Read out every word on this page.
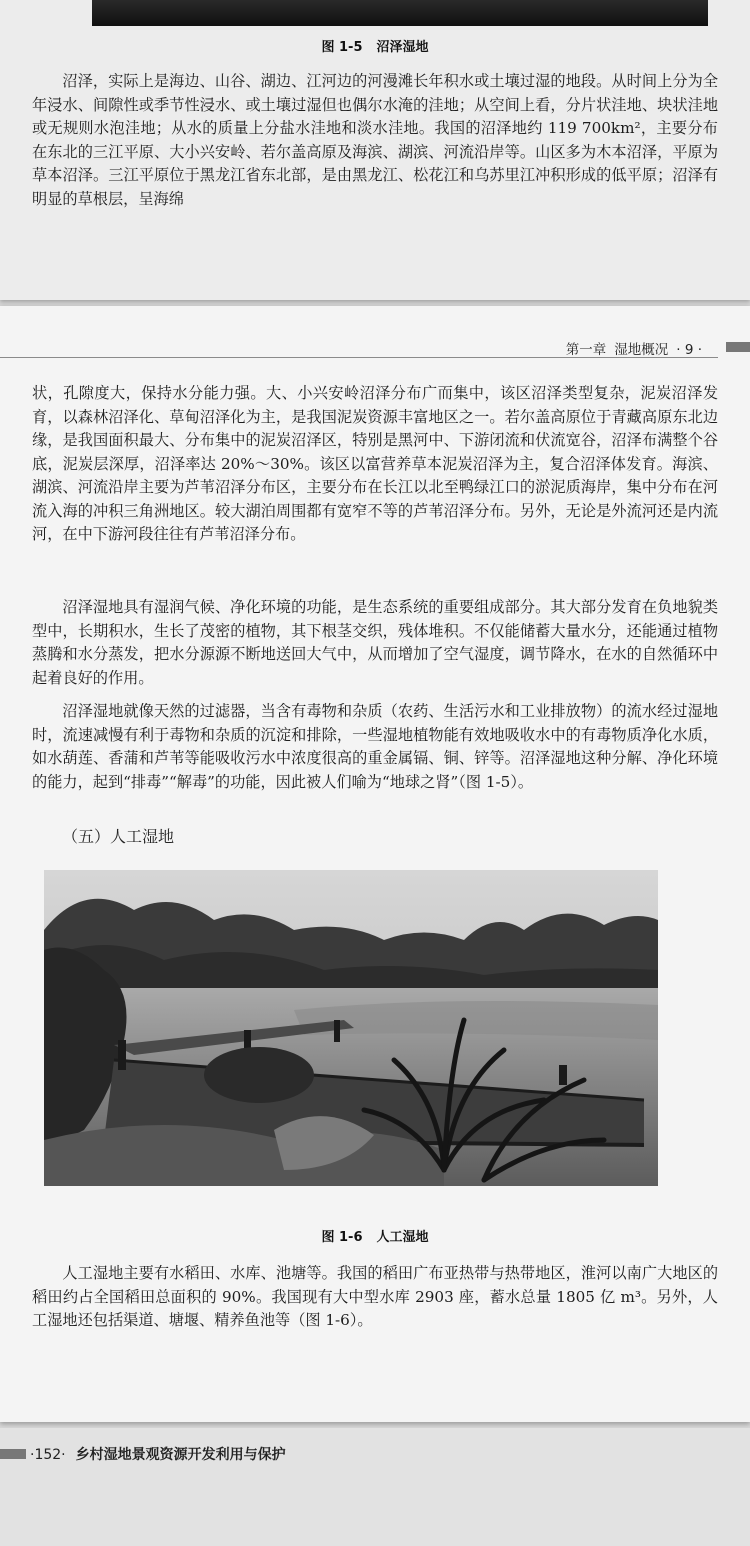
图 1-5 沼泽湿地

沼泽，实际上是海边、山谷、湖边、江河边的河漫滩长年积水或土壤过湿的地段。从时间上分为全年浸水、间隙性或季节性浸水、或土壤过湿但也偶尔水淹的洼地；从空间上看，分片状洼地、块状洼地或无规则水泡洼地；从水的质量上分盐水洼地和淡水洼地。我国的沼泽地约 119 700km²，主要分布在东北的三江平原、大小兴安岭、若尔盖高原及海滨、湖滨、河流沿岸等。山区多为木本沼泽，平原为草本沼泽。三江平原位于黑龙江省东北部，是由黑龙江、松花江和乌苏里江冲积形成的低平原；沼泽有明显的草根层，呈海绵

第一章 湿地概况 · 9 ·

状，孔隙度大，保持水分能力强。大、小兴安岭沼泽分布广而集中，该区沼泽类型复杂，泥炭沼泽发育，以森林沼泽化、草甸沼泽化为主，是我国泥炭资源丰富地区之一。若尔盖高原位于青藏高原东北边缘，是我国面积最大、分布集中的泥炭沼泽区，特别是黑河中、下游闭流和伏流宽谷，沼泽布满整个谷底，泥炭层深厚，沼泽率达 20%～30%。该区以富营养草本泥炭沼泽为主，复合沼泽体发育。海滨、湖滨、河流沿岸主要为芦苇沼泽分布区，主要分布在长江以北至鸭绿江口的淤泥质海岸，集中分布在河流入海的冲积三角洲地区。较大湖泊周围都有宽窄不等的芦苇沼泽分布。另外，无论是外流河还是内流河，在中下游河段往往有芦苇沼泽分布。

沼泽湿地具有湿润气候、净化环境的功能，是生态系统的重要组成部分。其大部分发育在负地貌类型中，长期积水，生长了茂密的植物，其下根茎交织，残体堆积。不仅能储蓄大量水分，还能通过植物蒸腾和水分蒸发，把水分源源不断地送回大气中，从而增加了空气湿度，调节降水，在水的自然循环中起着良好的作用。

沼泽湿地就像天然的过滤器，当含有毒物和杂质（农药、生活污水和工业排放物）的流水经过湿地时，流速减慢有利于毒物和杂质的沉淀和排除，一些湿地植物能有效地吸收水中的有毒物质净化水质，如水葫莲、香蒲和芦苇等能吸收污水中浓度很高的重金属镉、铜、锌等。沼泽湿地这种分解、净化环境的能力，起到“排毒”“解毒”的功能，因此被人们喻为“地球之肾”（图 1-5）。

（五）人工湿地
图 1-6 人工湿地

人工湿地主要有水稻田、水库、池塘等。我国的稻田广布亚热带与热带地区，淮河以南广大地区的稻田约占全国稻田总面积的 90%。我国现有大中型水库 2903 座，蓄水总量 1805 亿 m³。另外，人工湿地还包括渠道、塘堰、精养鱼池等（图 1-6）。

·152· 乡村湿地景观资源开发利用与保护
